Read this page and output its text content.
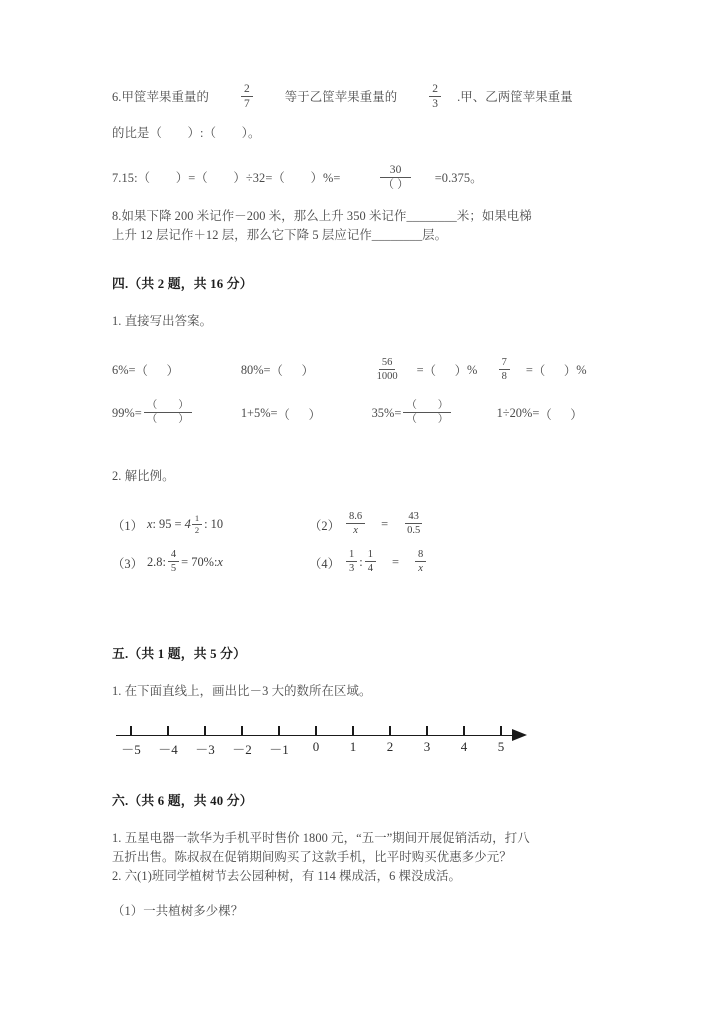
6. 甲筐苹果重量的	$\frac{2}{7}$	等于乙筐苹果重量的	$\frac{2}{3}$ .甲、乙两筐苹果重量
的比是（        ）:（        ）。
7. 15:（        ）=（        ）÷32=（        ）%=	$\frac{30}{( )} =0.375$。
8. 如果下降 200 米记作－200 米，那么上升 350 米记作________米；如果电梯
上升 12 层记作＋12 层，那么它下降 5 层应记作________层。
四.（共 2 题，共 16 分）
1. 直接写出答案。
6%= （      ）	80%= （      ）	$\frac{56}{1000}$ = （      ） % $\frac{7}{8}$ = （      ） %
$99\%= \frac{( )}{( )}$	1+5%= （      ）	$35\%= \frac{( )}{( )}$	1÷20%= （      ）
2. 解比例。
（1） x : $95 = 4 \frac{1}{2}$ : 10	$(2) \frac{8.6}{x} = \frac{43}{0.5}$
（3） 2.8: $\frac{4}{5} = 70\%$: x	$(4) \frac{1}{3}$ : $\frac{1}{4} = \frac{8}{x}$
五.（共 1 题，共 5 分）
1. 在下面直线上，画出比－3 大的数所在区域。
－5 －4 －3 －2 －1 0 1 2 3 4 5
六.（共 6 题，共 40 分）
1. 五星电器一款华为手机平时售价 1800 元，“五一”期间开展促销活动，打八
五折出售。陈叔叔在促销期间购买了这款手机，比平时购买优惠多少元？
2. 六(1)班同学植树节去公园种树，有 114 棵成活，6 棵没成活。
（1）一共植树多少棵？
